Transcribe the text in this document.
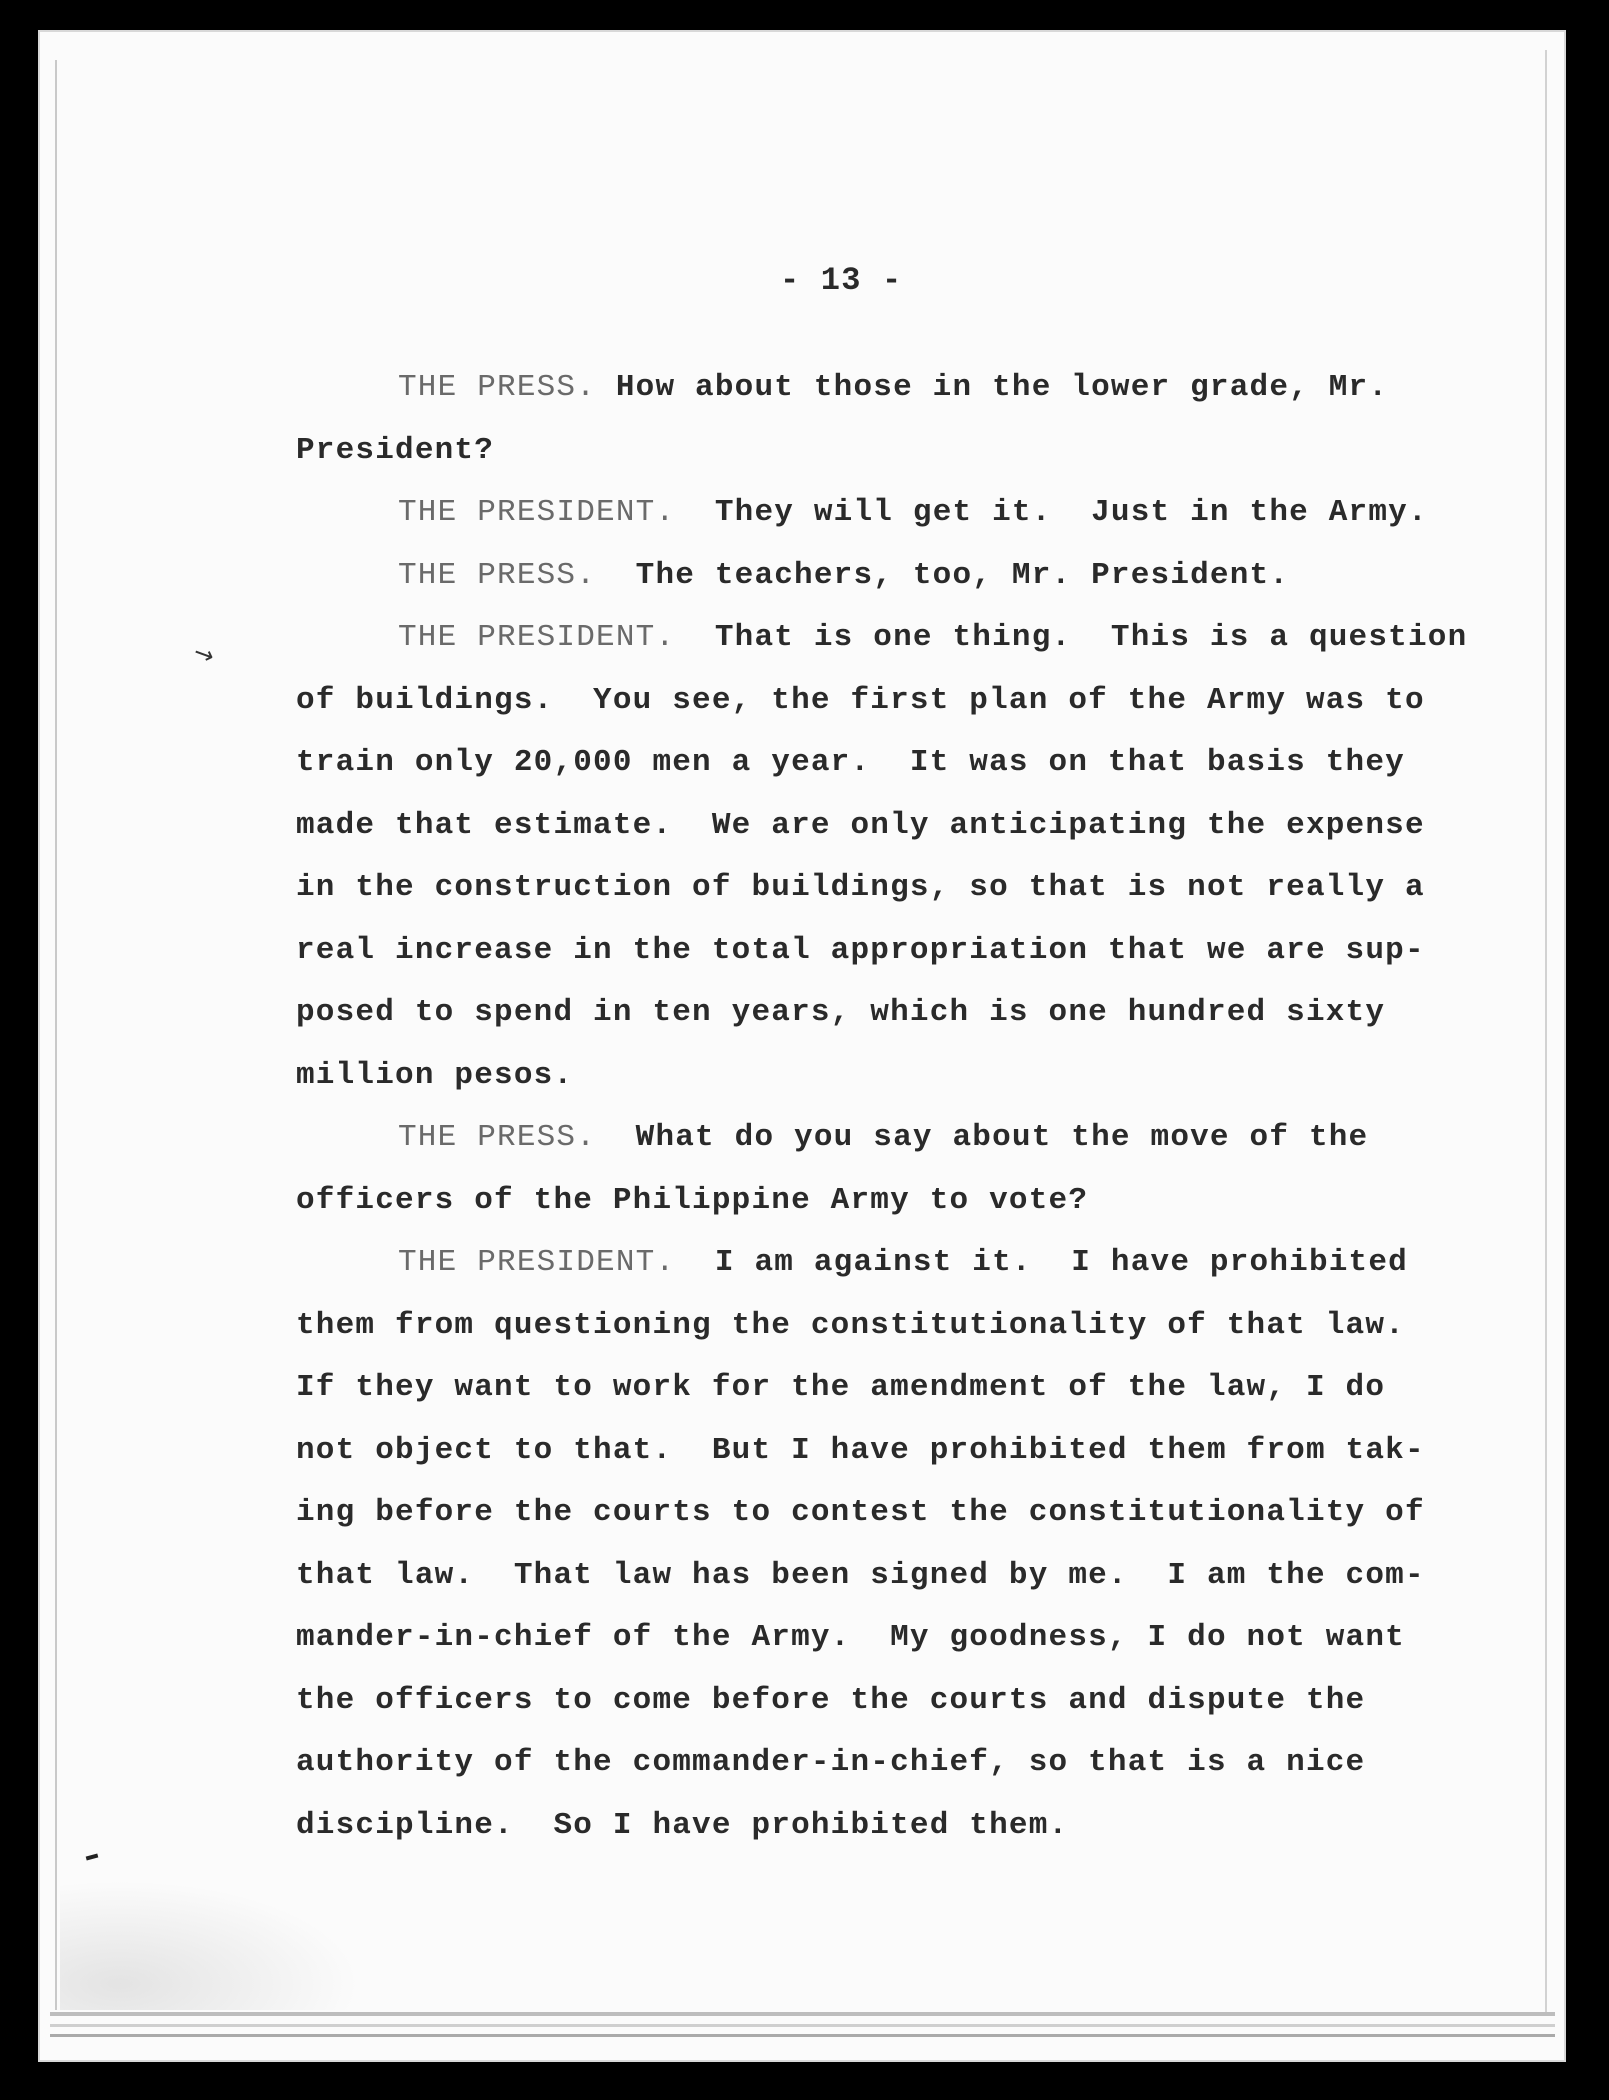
→
- 13 -
THE PRESS. How about those in the lower grade, Mr.
President?
THE PRESIDENT.  They will get it.  Just in the Army.
THE PRESS.  The teachers, too, Mr. President.
THE PRESIDENT.  That is one thing.  This is a question
of buildings.  You see, the first plan of the Army was to
train only 20,000 men a year.  It was on that basis they
made that estimate.  We are only anticipating the expense
in the construction of buildings, so that is not really a
real increase in the total appropriation that we are sup-
posed to spend in ten years, which is one hundred sixty
million pesos.
THE PRESS.  What do you say about the move of the
officers of the Philippine Army to vote?
THE PRESIDENT.  I am against it.  I have prohibited
them from questioning the constitutionality of that law.
If they want to work for the amendment of the law, I do
not object to that.  But I have prohibited them from tak-
ing before the courts to contest the constitutionality of
that law.  That law has been signed by me.  I am the com-
mander-in-chief of the Army.  My goodness, I do not want
the officers to come before the courts and dispute the
authority of the commander-in-chief, so that is a nice
discipline.  So I have prohibited them.
